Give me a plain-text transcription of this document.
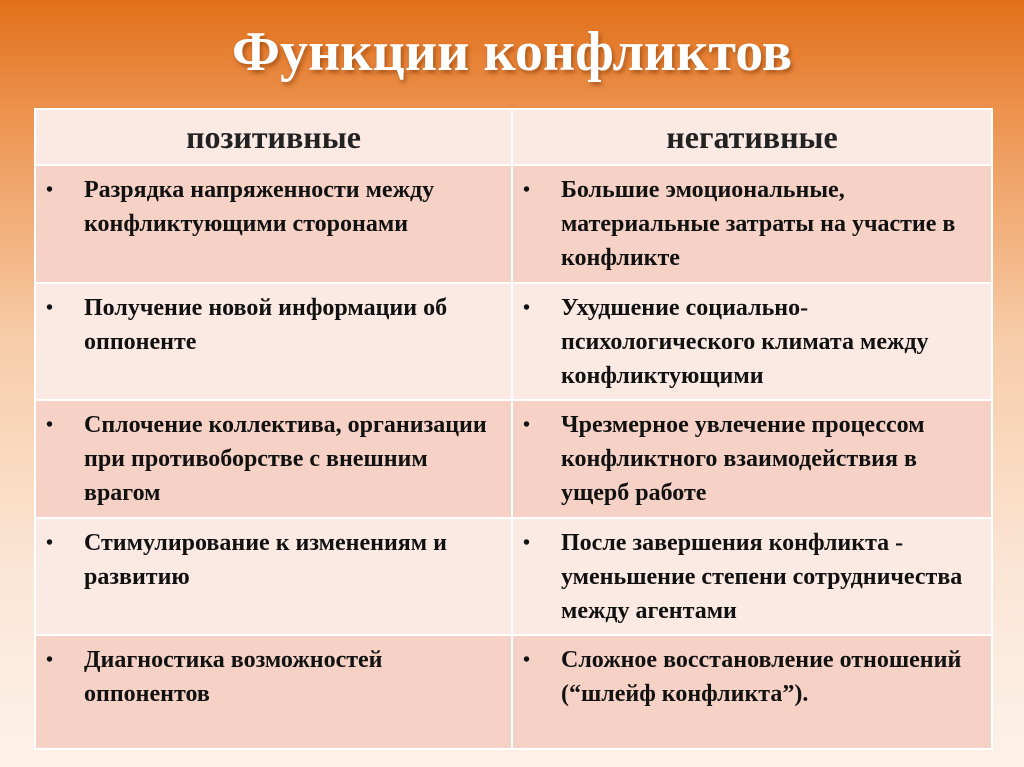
Функции конфликтов
позитивные	негативные

• Разрядка напряженности между конфликтующими сторонами	• Большие эмоциональные, материальные затраты на участие в конфликте

• Получение новой информации об оппоненте	• Ухудшение социально-психологического климата между конфликтующими

• Сплочение коллектива, организации при противоборстве с внешним врагом	• Чрезмерное увлечение процессом конфликтного взаимодействия в ущерб работе

• Стимулирование к изменениям и развитию	• После завершения конфликта - уменьшение степени сотрудничества между агентами

• Диагностика возможностей оппонентов	• Сложное восстановление отношений (“шлейф конфликта”).
